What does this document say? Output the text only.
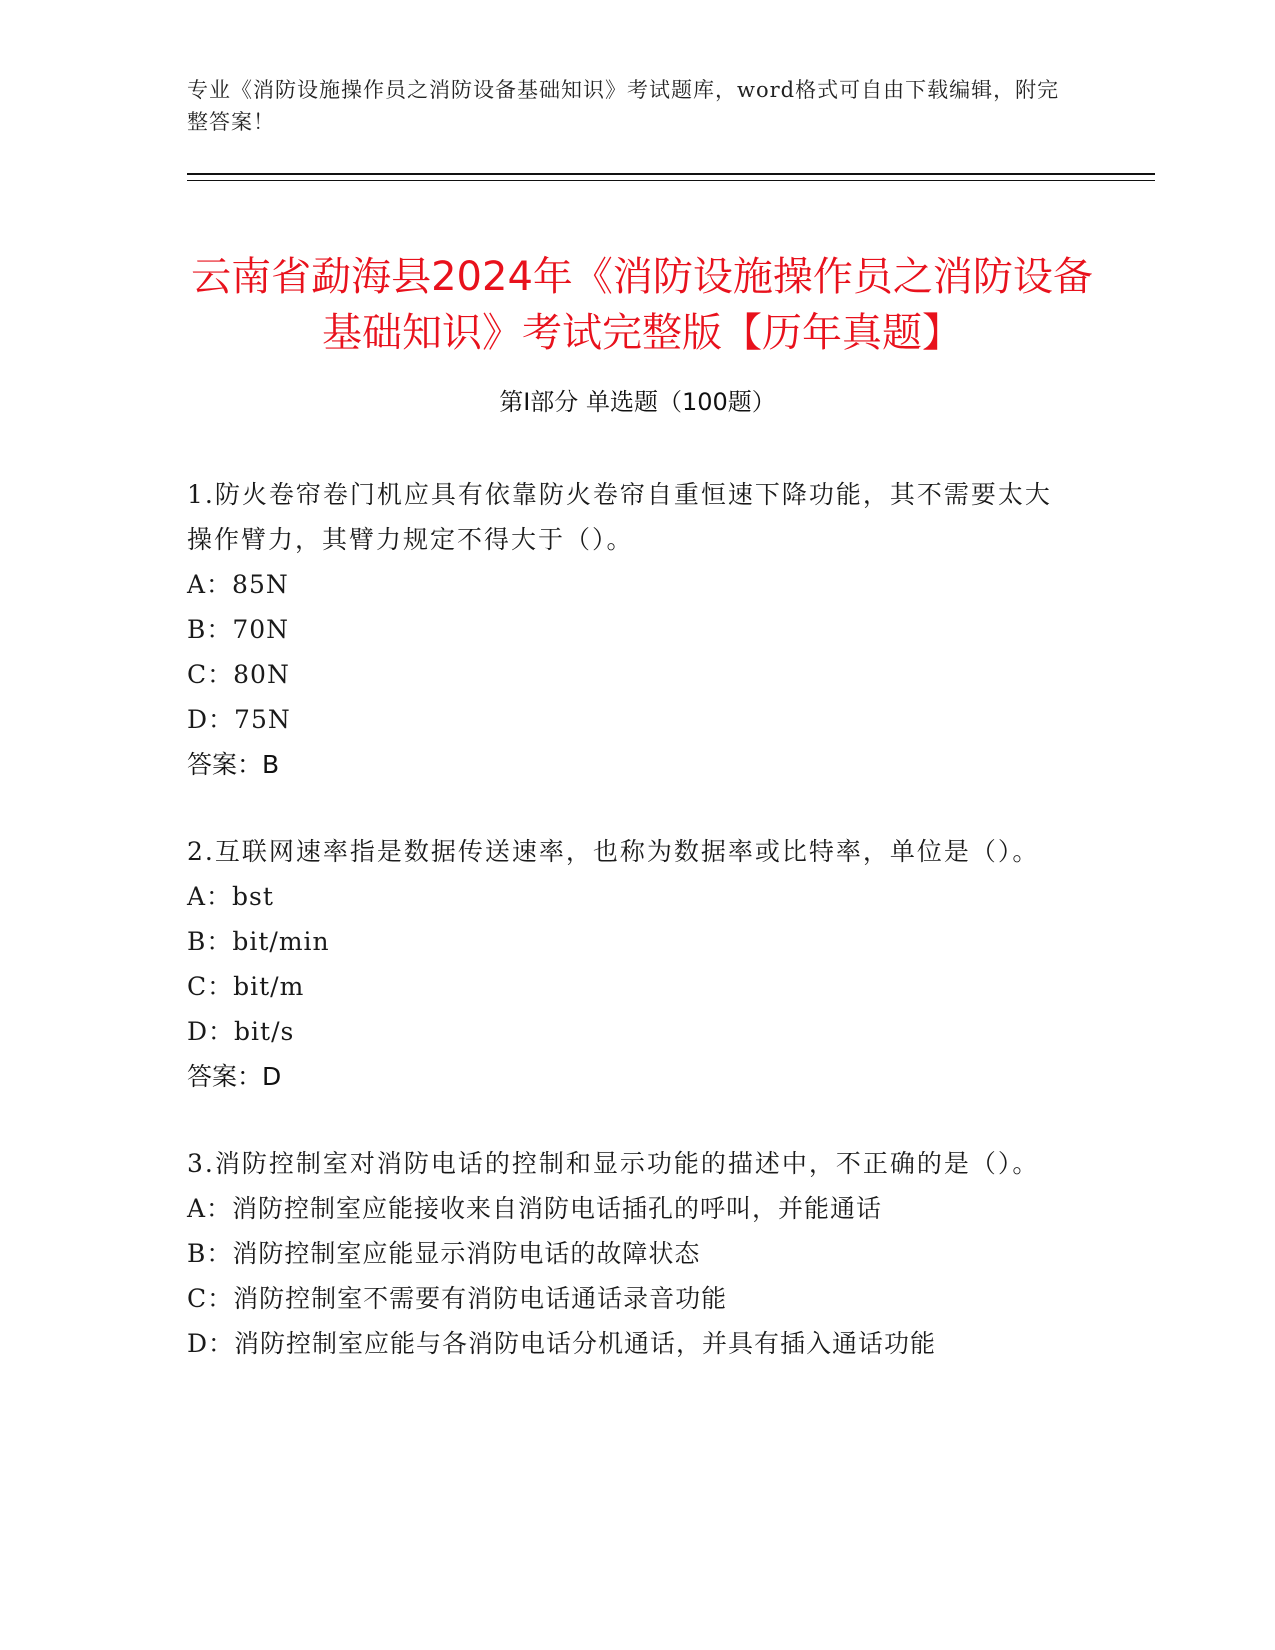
专业《消防设施操作员之消防设备基础知识》考试题库，word格式可自由下载编辑，附完整答案！
云南省勐海县2024年《消防设施操作员之消防设备基础知识》考试完整版【历年真题】
第I部分 单选题（100题）

1.防火卷帘卷门机应具有依靠防火卷帘自重恒速下降功能，其不需要太大操作臂力，其臂力规定不得大于（）。

A：85N

B：70N

C：80N

D：75N

答案：B

2.互联网速率指是数据传送速率，也称为数据率或比特率，单位是（）。

A：bst

B：bit/min

C：bit/m

D：bit/s

答案：D

3.消防控制室对消防电话的控制和显示功能的描述中，不正确的是（）。

A：消防控制室应能接收来自消防电话插孔的呼叫，并能通话

B：消防控制室应能显示消防电话的故障状态

C：消防控制室不需要有消防电话通话录音功能

D：消防控制室应能与各消防电话分机通话，并具有插入通话功能
